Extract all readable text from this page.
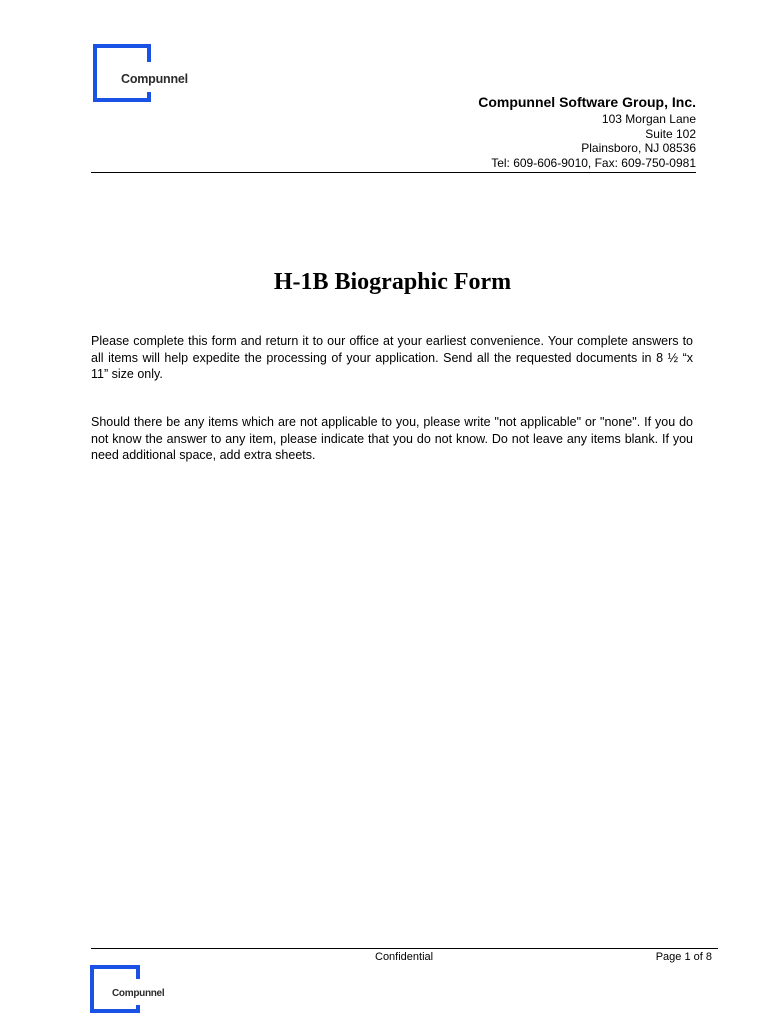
Compunnel
Compunnel Software Group, Inc.
103 Morgan Lane
Suite 102
Plainsboro, NJ 08536
Tel: 609-606-9010, Fax: 609-750-0981
H-1B Biographic Form

Please complete this form and return it to our office at your earliest convenience. Your complete answers to all items will help expedite the processing of your application. Send all the requested documents in 8 ½ “x 11” size only.

Should there be any items which are not applicable to you, please write "not applicable" or "none". If you do not know the answer to any item, please indicate that you do not know. Do not leave any items blank. If you need additional space, add extra sheets.

Confidential	Page 1 of 8
Compunnel
